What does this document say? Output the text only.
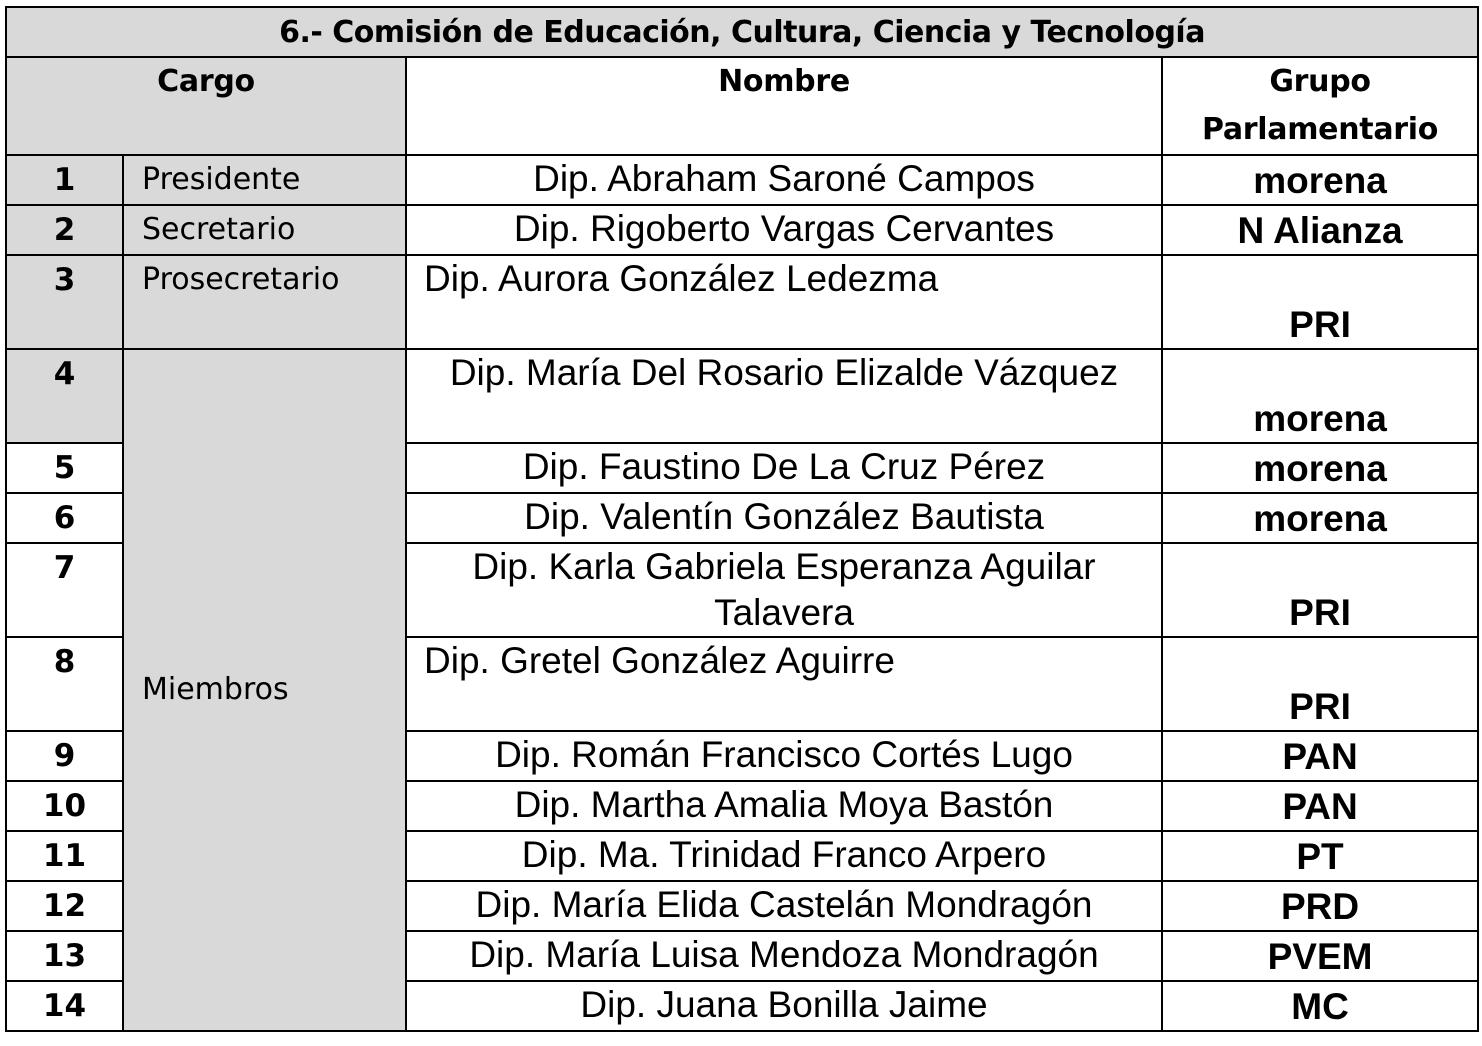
6.- Comisión de Educación, Cultura, Ciencia y Tecnología			
Cargo		Nombre	Grupo
Parlamentario
1	Presidente	Dip. Abraham Saroné Campos	morena
2	Secretario	Dip. Rigoberto Vargas Cervantes	N Alianza
3	Prosecretario	Dip. Aurora González Ledezma	PRI
4	Miembros	Dip. María Del Rosario Elizalde Vázquez	morena
5		Dip. Faustino De La Cruz Pérez	morena
6		Dip. Valentín González Bautista	morena
7		Dip. Karla Gabriela Esperanza Aguilar Talavera	PRI
8		Dip. Gretel González Aguirre	PRI
9		Dip. Román Francisco Cortés Lugo	PAN
10		Dip. Martha Amalia Moya Bastón	PAN
11		Dip. Ma. Trinidad Franco Arpero	PT
12		Dip. María Elida Castelán Mondragón	PRD
13		Dip. María Luisa Mendoza Mondragón	PVEM
14		Dip. Juana Bonilla Jaime	MC
